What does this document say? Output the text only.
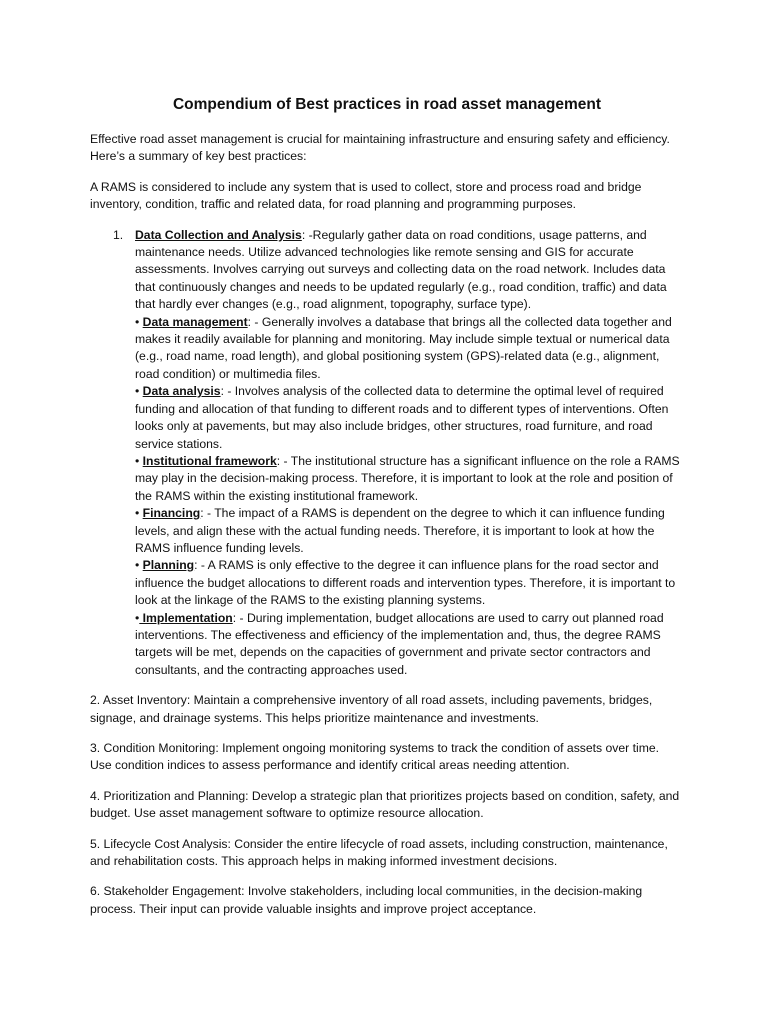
Compendium of Best practices in road asset management

Effective road asset management is crucial for maintaining infrastructure and ensuring safety and efficiency. Here’s a summary of key best practices:

A RAMS is considered to include any system that is used to collect, store and process road and bridge inventory, condition, traffic and related data, for road planning and programming purposes.

1. Data Collection and Analysis: -Regularly gather data on road conditions, usage patterns, and maintenance needs. Utilize advanced technologies like remote sensing and GIS for accurate assessments. Involves carrying out surveys and collecting data on the road network. Includes data that continuously changes and needs to be updated regularly (e.g., road condition, traffic) and data that hardly ever changes (e.g., road alignment, topography, surface type).
• Data management: - Generally involves a database that brings all the collected data together and makes it readily available for planning and monitoring. May include simple textual or numerical data (e.g., road name, road length), and global positioning system (GPS)-related data (e.g., alignment, road condition) or multimedia files.
• Data analysis: - Involves analysis of the collected data to determine the optimal level of required funding and allocation of that funding to different roads and to different types of interventions. Often looks only at pavements, but may also include bridges, other structures, road furniture, and road service stations.
• Institutional framework: - The institutional structure has a significant influence on the role a RAMS may play in the decision-making process. Therefore, it is important to look at the role and position of the RAMS within the existing institutional framework.
• Financing: - The impact of a RAMS is dependent on the degree to which it can influence funding levels, and align these with the actual funding needs. Therefore, it is important to look at how the RAMS influence funding levels.
• Planning: - A RAMS is only effective to the degree it can influence plans for the road sector and influence the budget allocations to different roads and intervention types. Therefore, it is important to look at the linkage of the RAMS to the existing planning systems.
• Implementation: - During implementation, budget allocations are used to carry out planned road interventions. The effectiveness and efficiency of the implementation and, thus, the degree RAMS targets will be met, depends on the capacities of government and private sector contractors and consultants, and the contracting approaches used.

2. Asset Inventory: Maintain a comprehensive inventory of all road assets, including pavements, bridges, signage, and drainage systems. This helps prioritize maintenance and investments.

3. Condition Monitoring: Implement ongoing monitoring systems to track the condition of assets over time. Use condition indices to assess performance and identify critical areas needing attention.

4. Prioritization and Planning: Develop a strategic plan that prioritizes projects based on condition, safety, and budget. Use asset management software to optimize resource allocation.

5. Lifecycle Cost Analysis: Consider the entire lifecycle of road assets, including construction, maintenance, and rehabilitation costs. This approach helps in making informed investment decisions.

6. Stakeholder Engagement: Involve stakeholders, including local communities, in the decision-making process. Their input can provide valuable insights and improve project acceptance.
